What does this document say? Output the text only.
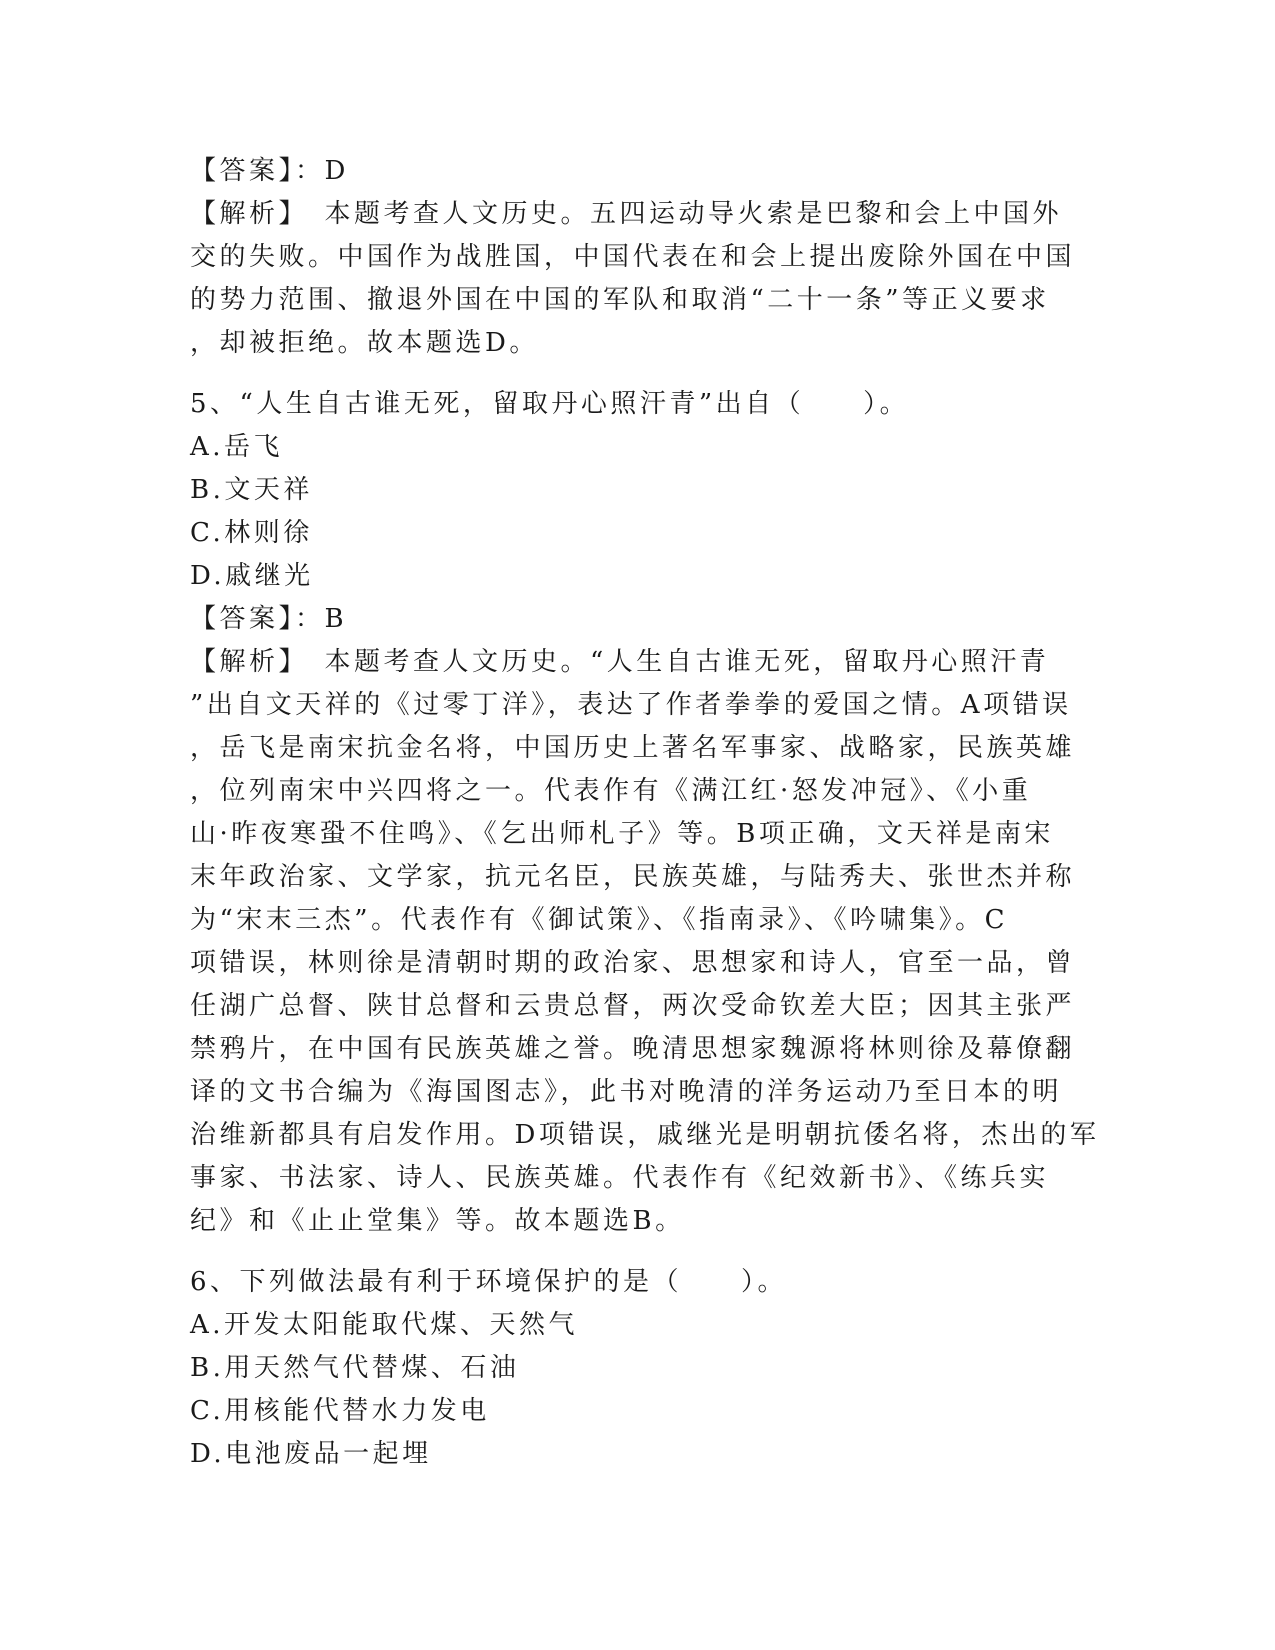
【答案】：D
【解析】　本题考查人文历史。五四运动导火索是巴黎和会上中国外
交的失败。中国作为战胜国，中国代表在和会上提出废除外国在中国
的势力范围、撤退外国在中国的军队和取消“二十一条”等正义要求
，却被拒绝。故本题选D。
5、“人生自古谁无死，留取丹心照汗青”出自（　　）。
A.岳飞
B.文天祥
C.林则徐
D.戚继光
【答案】：B
【解析】　本题考查人文历史。“人生自古谁无死，留取丹心照汗青
”出自文天祥的《过零丁洋》，表达了作者拳拳的爱国之情。A项错误
，岳飞是南宋抗金名将，中国历史上著名军事家、战略家，民族英雄
，位列南宋中兴四将之一。代表作有《满江红·怒发冲冠》、《小重
山·昨夜寒蛩不住鸣》、《乞出师札子》等。B项正确，文天祥是南宋
末年政治家、文学家，抗元名臣，民族英雄，与陆秀夫、张世杰并称
为“宋末三杰”。代表作有《御试策》、《指南录》、《吟啸集》。C
项错误，林则徐是清朝时期的政治家、思想家和诗人，官至一品，曾
任湖广总督、陕甘总督和云贵总督，两次受命钦差大臣；因其主张严
禁鸦片，在中国有民族英雄之誉。晚清思想家魏源将林则徐及幕僚翻
译的文书合编为《海国图志》，此书对晚清的洋务运动乃至日本的明
治维新都具有启发作用。D项错误，戚继光是明朝抗倭名将，杰出的军
事家、书法家、诗人、民族英雄。代表作有《纪效新书》、《练兵实
纪》和《止止堂集》等。故本题选B。
6、下列做法最有利于环境保护的是（　　）。
A.开发太阳能取代煤、天然气
B.用天然气代替煤、石油
C.用核能代替水力发电
D.电池废品一起埋
